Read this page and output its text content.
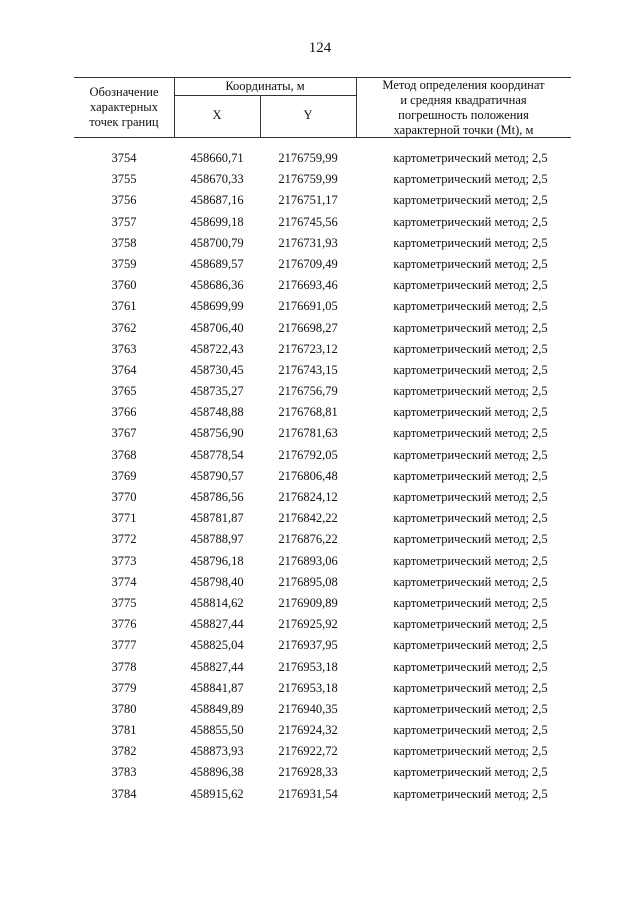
124
Обозначение
характерных
точек границ
Координаты, м
X	Y
Метод определения координат
и средняя квадратичная
погрешность положения
характерной точки (Mt), м
3754	458660,71	2176759,99	картометрический метод; 2,5
3755	458670,33	2176759,99	картометрический метод; 2,5
3756	458687,16	2176751,17	картометрический метод; 2,5
3757	458699,18	2176745,56	картометрический метод; 2,5
3758	458700,79	2176731,93	картометрический метод; 2,5
3759	458689,57	2176709,49	картометрический метод; 2,5
3760	458686,36	2176693,46	картометрический метод; 2,5
3761	458699,99	2176691,05	картометрический метод; 2,5
3762	458706,40	2176698,27	картометрический метод; 2,5
3763	458722,43	2176723,12	картометрический метод; 2,5
3764	458730,45	2176743,15	картометрический метод; 2,5
3765	458735,27	2176756,79	картометрический метод; 2,5
3766	458748,88	2176768,81	картометрический метод; 2,5
3767	458756,90	2176781,63	картометрический метод; 2,5
3768	458778,54	2176792,05	картометрический метод; 2,5
3769	458790,57	2176806,48	картометрический метод; 2,5
3770	458786,56	2176824,12	картометрический метод; 2,5
3771	458781,87	2176842,22	картометрический метод; 2,5
3772	458788,97	2176876,22	картометрический метод; 2,5
3773	458796,18	2176893,06	картометрический метод; 2,5
3774	458798,40	2176895,08	картометрический метод; 2,5
3775	458814,62	2176909,89	картометрический метод; 2,5
3776	458827,44	2176925,92	картометрический метод; 2,5
3777	458825,04	2176937,95	картометрический метод; 2,5
3778	458827,44	2176953,18	картометрический метод; 2,5
3779	458841,87	2176953,18	картометрический метод; 2,5
3780	458849,89	2176940,35	картометрический метод; 2,5
3781	458855,50	2176924,32	картометрический метод; 2,5
3782	458873,93	2176922,72	картометрический метод; 2,5
3783	458896,38	2176928,33	картометрический метод; 2,5
3784	458915,62	2176931,54	картометрический метод; 2,5
